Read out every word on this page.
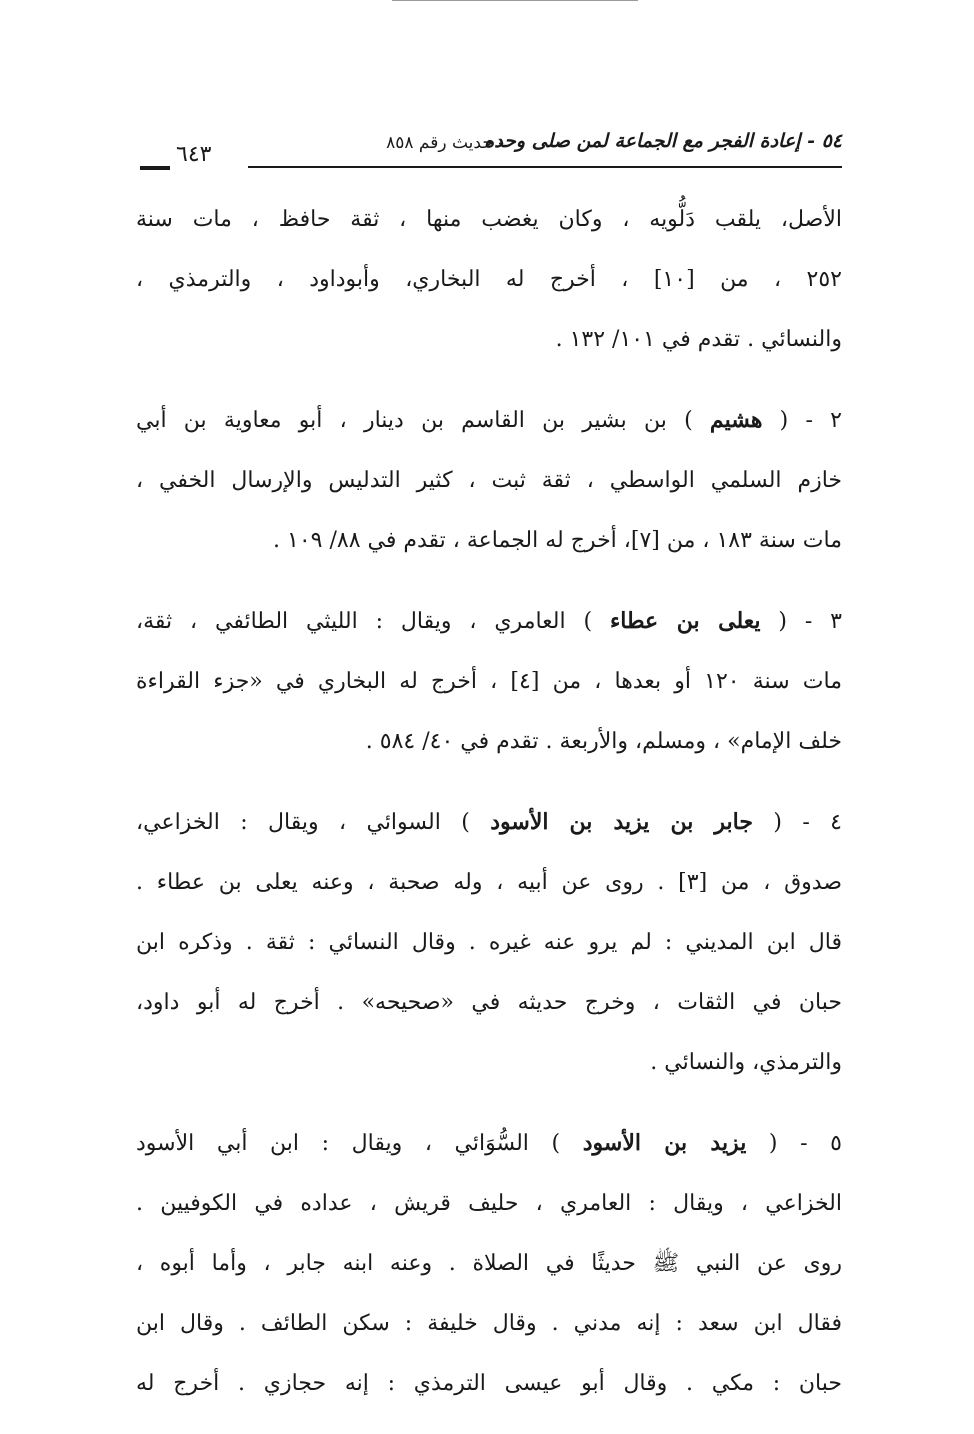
٥٤ - إعادة الفجر مع الجماعة لمن صلى وحده
- حديث رقم ٨٥٨
٦٤٣
الأصل، يلقب دَلُّويه ، وكان يغضب منها ، ثقة حافظ ، مات سنة
٢٥٢ ، من [١٠] ، أخرج له البخاري، وأبوداود ، والترمذي ،
والنسائي . تقدم في ١٠١/ ١٣٢ .
٢ - ( هشيم ) بن بشير بن القاسم بن دينار ، أبو معاوية بن أبي
خازم السلمي الواسطي ، ثقة ثبت ، كثير التدليس والإرسال الخفي ،
مات سنة ١٨٣ ، من [٧]، أخرج له الجماعة ، تقدم في ٨٨/ ١٠٩ .
٣ - ( يعلى بن عطاء ) العامري ، ويقال : الليثي الطائفي ، ثقة،
مات سنة ١٢٠ أو بعدها ، من [٤] ، أخرج له البخاري في «جزء القراءة
خلف الإمام» ، ومسلم، والأربعة . تقدم في ٤٠/ ٥٨٤ .
٤ - ( جابر بن يزيد بن الأسود ) السوائي ، ويقال : الخزاعي،
صدوق ، من [٣] . روى عن أبيه ، وله صحبة ، وعنه يعلى بن عطاء .
قال ابن المديني : لم يرو عنه غيره . وقال النسائي : ثقة . وذكره ابن
حبان في الثقات ، وخرج حديثه في «صحيحه» . أخرج له أبو داود،
والترمذي، والنسائي .
٥ - ( يزيد بن الأسود ) السُّوَائي ، ويقال : ابن أبي الأسود
الخزاعي ، ويقال : العامري ، حليف قريش ، عداده في الكوفيين .
روى عن النبي ﷺ حديثًا في الصلاة . وعنه ابنه جابر ، وأما أبوه ،
فقال ابن سعد : إنه مدني . وقال خليفة : سكن الطائف . وقال ابن
حبان : مكي . وقال أبو عيسى الترمذي : إنه حجازي . أخرج له
